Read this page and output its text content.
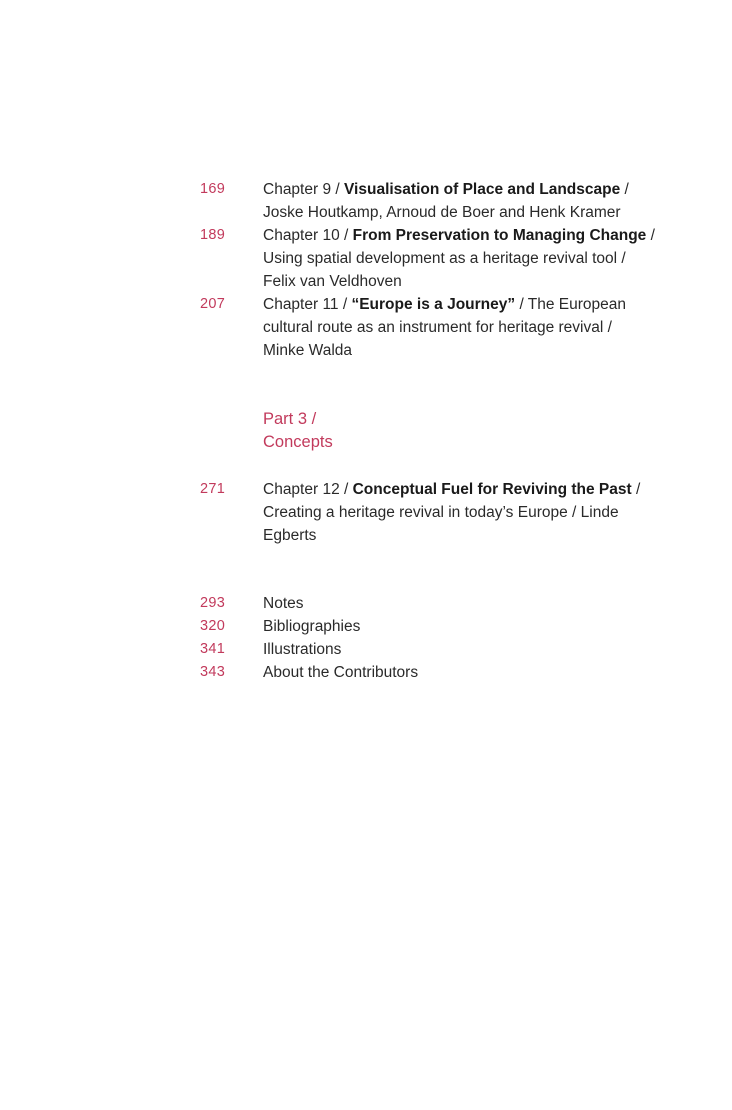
169	Chapter 9 / Visualisation of Place and Landscape / Joske Houtkamp, Arnoud de Boer and Henk Kramer
189	Chapter 10 / From Preservation to Managing Change / Using spatial development as a heritage revival tool / Felix van Veldhoven
207	Chapter 11 / “Europe is a Journey” / The European cultural route as an instrument for heritage revival / Minke Walda
Part 3 /
Concepts
271	Chapter 12 / Conceptual Fuel for Reviving the Past / Creating a heritage revival in today’s Europe / Linde Egberts
293	Notes
320	Bibliographies
341	Illustrations
343	About the Contributors
